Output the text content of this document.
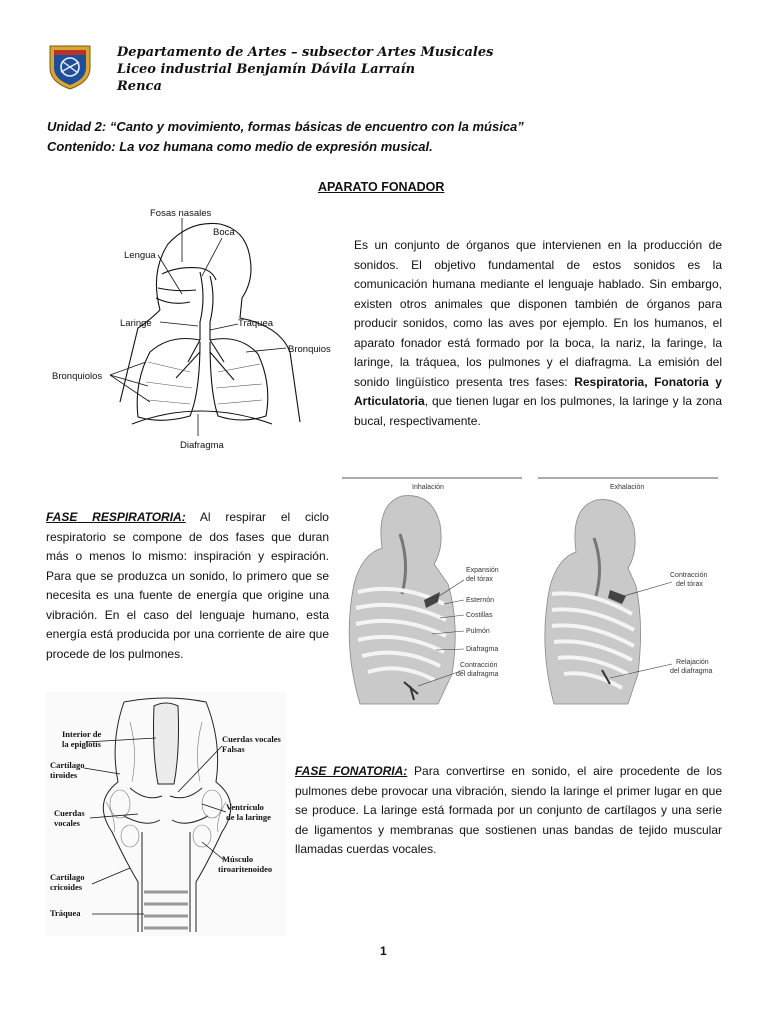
Departamento de Artes – subsector Artes Musicales
Liceo industrial Benjamín Dávila Larraín
Renca
Unidad 2: “Canto y movimiento, formas básicas de encuentro con la música”
Contenido: La voz humana como medio de expresión musical.
APARATO FONADOR
Fosas nasales
Boca
Lengua
Laringe	Tráquea
Bronquios
Bronquiolos
Diafragma
Es un conjunto de órganos que intervienen en la producción de sonidos. El objetivo fundamental de estos sonidos es la comunicación humana mediante el lenguaje hablado. Sin embargo, existen otros animales que disponen también de órganos para producir sonidos, como las aves por ejemplo. En los humanos, el aparato fonador está formado por la boca, la nariz, la faringe, la laringe, la tráquea, los pulmones y el diafragma. La emisión del sonido lingüístico presenta tres fases: Respiratoria, Fonatoria y Articulatoria, que tienen lugar en los pulmones, la laringe y la zona bucal, respectivamente.
Inhalación	Exhalación
Expansión
del tórax
Esternón
Costillas
Pulmón
Diafragma
Contracción
del diafragma
Contracción
del tórax
Relajación
del diafragma
FASE RESPIRATORIA: Al respirar el ciclo respiratorio se compone de dos fases que duran más o menos lo mismo: inspiración y espiración. Para que se produzca un sonido, lo primero que se necesita es una fuente de energía que origine una vibración. En el caso del lenguaje humano, esta energía está producida por una corriente de aire que procede de los pulmones.
Interior de
la epiglotis
Cartílago
tiroides
Cuerdas
vocales
Cartílago
cricoides
Tráquea
Cuerdas vocales
Falsas
Ventrículo
de la laringe
Músculo
tiroaritenoideo
FASE FONATORIA: Para convertirse en sonido, el aire procedente de los pulmones debe provocar una vibración, siendo la laringe el primer lugar en que se produce. La laringe está formada por un conjunto de cartílagos y una serie de ligamentos y membranas que sostienen unas bandas de tejido muscular llamadas cuerdas vocales.
1
